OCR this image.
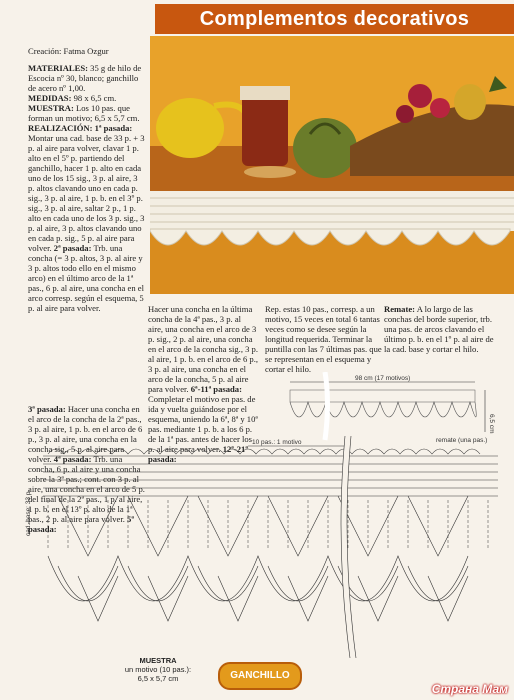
Complementos decorativos
Creación: Fatma Ozgur

MATERIALES: 35 g de hilo de Escocia nº 30, blanco; ganchillo de acero nº 1,00.

MEDIDAS: 98 x 6,5 cm.

MUESTRA: Los 10 pas. que forman un motivo; 6,5 x 5,7 cm.

REALIZACIÓN: 1ª pasada: Montar una cad. base de 33 p. + 3 p. al aire para volver, clavar 1 p. alto en el 5º p. partiendo del ganchillo, hacer 1 p. alto en cada uno de los 15 sig., 3 p. al aire, 3 p. altos clavando uno en cada p. sig., 3 p. al aire, 1 p. b. en el 3º p. sig., 3 p. al aire, saltar 2 p., 1 p. alto en cada uno de los 3 p. sig., 3 p. al aire, 3 p. altos clavando uno en cada p. sig., 5 p. al aire para volver. 2ª pasada: Trb. una concha (= 3 p. altos, 3 p. al aire y 3 p. altos todo ello en el mismo arco) en el último arco de la 1ª pas., 6 p. al aire, una concha en el arco corresp. según el esquema, 5 p. al aire para volver.

3ª pasada: Hacer una concha en el arco de la concha de la 2ª pas., 3 p. al aire, 1 p. b. en el arco de 6 p., 3 p. al aire, una concha en la concha sig., 5 p. al aire para volver. 4ª pasada: Trb. una concha, 6 p. al aire y una concha sobre la 3ª pas.; cont. con 3 p. al aire, una concha en el arco de 5 p. del final de la 2ª pas., 1 p. al aire, 1 p. b. en el 13º p. alto de la 1ª pas., 2 p. al aire para volver. 5ª pasada:
Hacer una concha en la última concha de la 4ª pas., 3 p. al aire, una concha en el arco de 3 p. sig., 2 p. al aire, una concha en el arco de la concha sig., 3 p. al aire, 1 p. b. en el arco de 6 p., 3 p. al aire, una concha en el arco de la concha, 5 p. al aire para volver. 6ª-11ª pasada: Completar el motivo en pas. de ida y vuelta guiándose por el esquema, uniendo la 6ª, 8ª y 10ª pas. mediante 1 p. b. a los 6 p. de la 1ª pas. antes de hacer los p. al aire para volver. 12ª-21ª pasada:
Rep. estas 10 pas., corresp. a un motivo, 15 veces en total 6 tantas veces como se desee según la longitud requerida. Terminar la puntilla con las 7 últimas pas. que se representan en el esquema y cortar el hilo.
Remate: A lo largo de las conchas del borde superior, trb. una pas. de arcos clavando el último p. b. en el 1º p. al aire de la cad. base y cortar el hilo.
98 cm (17 motivos)
6,5 cm
10 pas.: 1 motivo	remate (una pas.)
cad. base: 33 p.
MUESTRA
un motivo (10 pas.):
6,5 x 5,7 cm	GANCHILLO
Страна Мам
